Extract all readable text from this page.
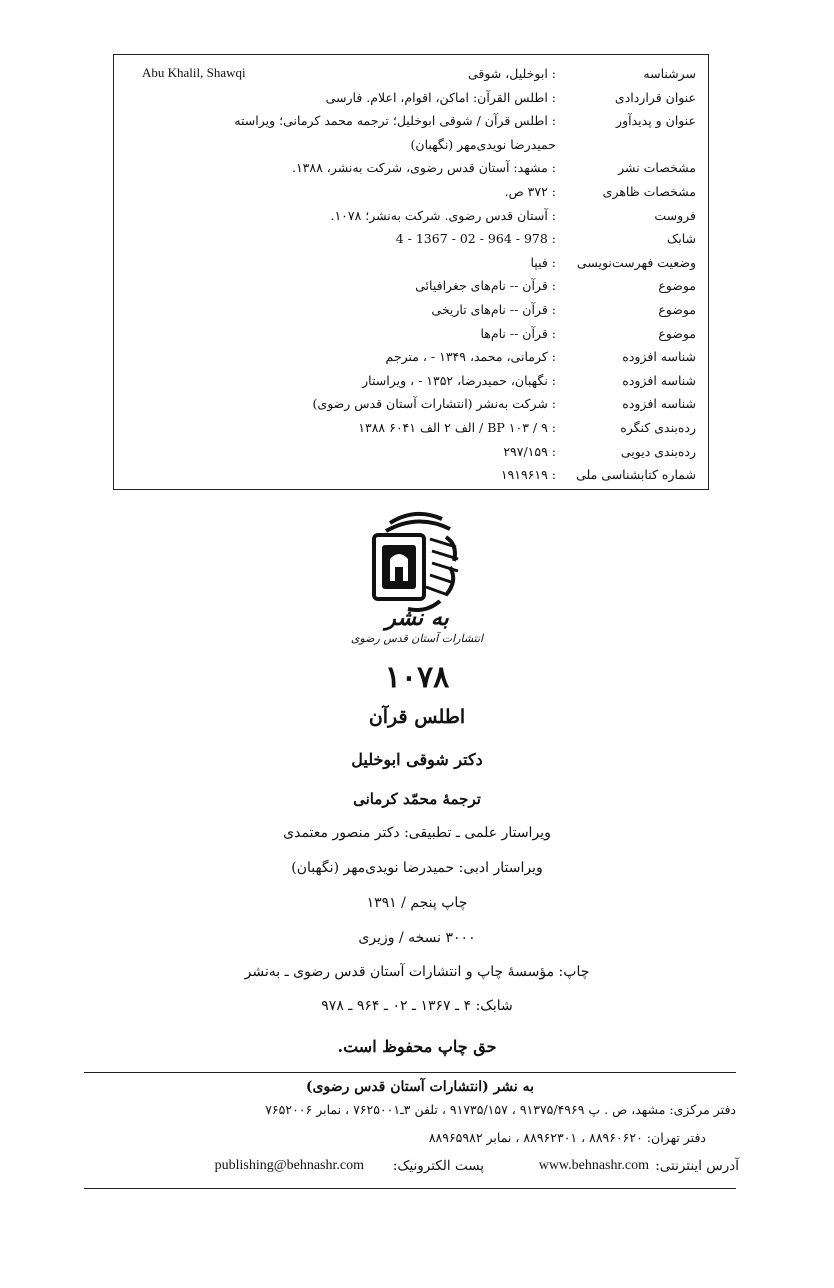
Abu Khalil, Shawqi	سرشناسه
: ابوخلیل، شوقی
عنوان قراردادی
: اطلس القرآن: اماکن، اقوام، اعلام. فارسی
عنوان و پدیدآور
: اطلس قرآن / شوقی ابوخلیل؛ ترجمه محمد کرمانی؛ ویراسته
حمیدرضا نویدی‌مهر (نگهبان)
مشخصات نشر
: مشهد: آستان قدس رضوی، شرکت به‌نشر، ۱۳۸۸.
مشخصات ظاهری
: ۳۷۲ ص.
فروست
: آستان قدس رضوی. شرکت به‌نشر؛ ۱۰۷۸.
شابک
: 978 - 964 - 02 - 1367 - 4
وضعیت فهرست‌نویسی
: فیپا
موضوع
: قرآن -- نام‌های جغرافیائی
موضوع
: قرآن -- نام‌های تاریخی
موضوع
: قرآن -- نام‌ها
شناسه افزوده
: کرمانی، محمد، ۱۳۴۹ - ، مترجم
شناسه افزوده
: نگهبان، حمیدرضا، ۱۳۵۲ - ، ویراستار
شناسه افزوده
: شرکت به‌نشر (انتشارات آستان قدس رضوی)
رده‌بندی کنگره
: BP ۱۰۳ / ۹ / الف ۲ الف ۶۰۴۱ ۱۳۸۸
رده‌بندی دیویی
: ۲۹۷/۱۵۹
شماره کتابشناسی ملی
: ۱۹۱۹۶۱۹
به نشر
انتشارات آستان قدس رضوی
۱۰۷۸
اطلس قرآن
دکتر شوقی ابوخلیل
ترجمهٔ محمّد کرمانی
ویراستار علمی ـ تطبیقی: دکتر منصور معتمدی
ویراستار ادبی: حمیدرضا نویدی‌مهر (نگهبان)
چاپ پنجم / ۱۳۹۱
۳۰۰۰ نسخه / وزیری
چاپ: مؤسسهٔ چاپ و انتشارات آستان قدس رضوی ـ به‌نشر
شابک: ۴ ـ ۱۳۶۷ ـ ۰۲ ـ ۹۶۴ ـ ۹۷۸
حق چاپ محفوظ است.
به نشر (انتشارات آستان قدس رضوی)
دفتر مرکزی: مشهد، ص . پ ۹۱۳۷۵/۴۹۶۹ ، ۹۱۷۳۵/۱۵۷ ، تلفن ۳ـ۷۶۲۵۰۰۱ ، نمابر ۷۶۵۲۰۰۶
دفتر تهران: ۸۸۹۶۰۶۲۰ ، ۸۸۹۶۲۳۰۱ ، نمابر ۸۸۹۶۵۹۸۲
آدرس اینترنتی:
www.behnashr.com
پست الکترونیک:
publishing@behnashr.com
